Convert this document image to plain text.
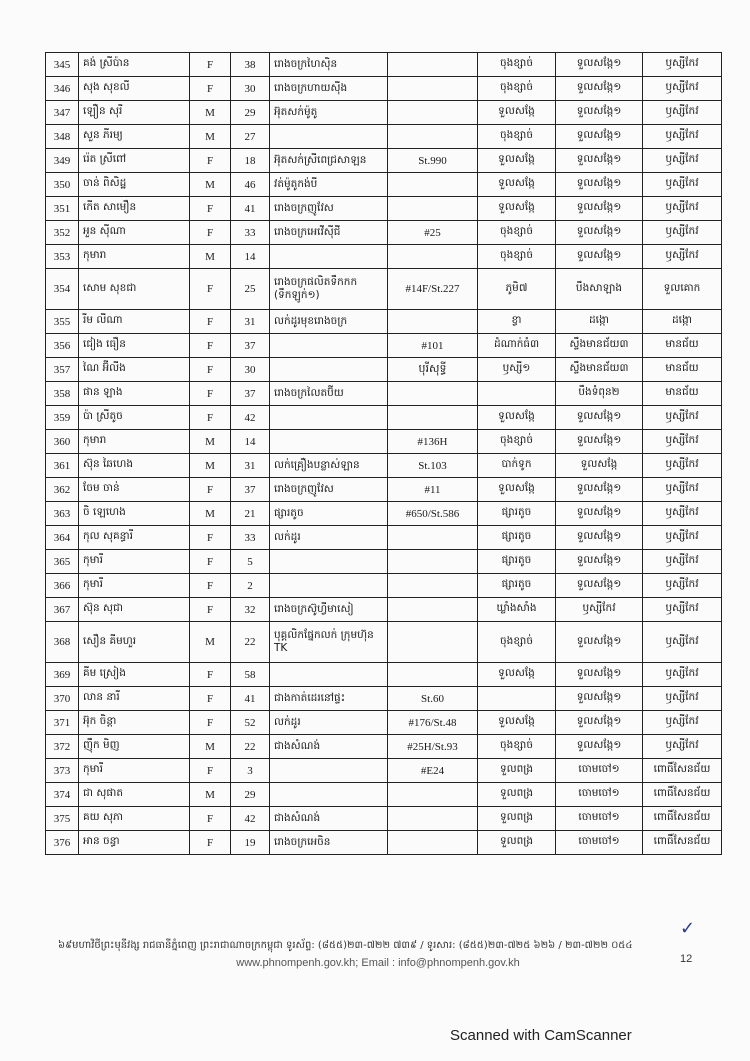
345	គង់ ស្រីប៉ាន	F	38	រោងចក្រហៃស៊ិន		ចុងខ្សាច់	ទួលសង្កែ១	ឫស្សីកែវ
346	សុង សុខលី	F	30	រោងចក្រហាយស៊ីង		ចុងខ្សាច់	ទួលសង្កែ១	ឫស្សីកែវ
347	ឡឿន សុរី	M	29	អ៊ុតសក់ម៉ូតូ		ទួលសង្កែ	ទួលសង្កែ១	ឫស្សីកែវ
348	សួន ភីរម្យ	M	27			ចុងខ្សាច់	ទួលសង្កែ១	ឫស្សីកែវ
349	រ៉េត ស្រីពៅ	F	18	អ៊ុតសក់ស្រីពេជ្រសាឡន	St.990	ទួលសង្កែ	ទួលសង្កែ១	ឫស្សីកែវ
350	ចាន់ ពិសិដ្ឋ	M	46	វត់ម៉ូតូកង់បី		ទួលសង្កែ	ទួលសង្កែ១	ឫស្សីកែវ
351	កើត សាមឿន	F	41	រោងចក្រញូវែស		ទួលសង្កែ	ទួលសង្កែ១	ឫស្សីកែវ
352	អួន ស៊ីណា	F	33	រោងចក្រអេវើស៊ីជី	#25	ចុងខ្សាច់	ទួលសង្កែ១	ឫស្សីកែវ
353	កុមារា	M	14			ចុងខ្សាច់	ទួលសង្កែ១	ឫស្សីកែវ
354	សោម សុខជា	F	25	រោងចក្រផលិតទឹកកក (ទឹកឡូក់១)	#14F/St.227	ភូមិ៧	បឹងសាឡាង	ទួលគោក
355	រីម លីណា	F	31	លក់ដូរមុខរោងចក្រ		ខ្វា	ដង្កោ	ដង្កោ
356	ជៀង ធឿន	F	37		#101	ដំណាក់ធំ៣	ស្ទឹងមានជ័យ៣	មានជ័យ
357	ណៃ អ៊ីលីង	F	30		បុរីសុទ្ធី	ឫស្សី១	ស្ទឹងមានជ័យ៣	មានជ័យ
358	ផាន ឡាង	F	37	រោងចក្រលៃតប៊ីយ			បឹងទំពុន២	មានជ័យ
359	ប៉ា ស្រីតូច	F	42			ទួលសង្កែ	ទួលសង្កែ១	ឫស្សីកែវ
360	កុមារា	M	14		#136H	ចុងខ្សាច់	ទួលសង្កែ១	ឫស្សីកែវ
361	ស៊ុន ឆៃហេង	M	31	លក់គ្រឿងបន្លាស់ឡាន	St.103	បាក់ទូក	ទួលសង្កែ	ឫស្សីកែវ
362	ចែម ចាន់	F	37	រោងចក្រញូវែស	#11	ទួលសង្កែ	ទួលសង្កែ១	ឫស្សីកែវ
363	ចិ ឡេហេង	M	21	ផ្សារតូច	#650/St.586	ផ្សារតូច	ទួលសង្កែ១	ឫស្សីកែវ
364	កុល សុគន្ធារី	F	33	លក់ដូរ		ផ្សារតូច	ទួលសង្កែ១	ឫស្សីកែវ
365	កុមារី	F	5			ផ្សារតូច	ទួលសង្កែ១	ឫស្សីកែវ
366	កុមារី	F	2			ផ្សារតូច	ទួលសង្កែ១	ឫស្សីកែវ
367	ស៊ុន សុជា	F	32	រោងចក្រស៊ូហ្វីមាសៀ		ឃ្លាំងសាំង	ឫស្សីកែវ	ឫស្សីកែវ
368	សឿន គីមហួរ	M	22	បុគ្គលិកផ្នែកលក់ ក្រុមហ៊ុន TK		ចុងខ្សាច់	ទួលសង្កែ១	ឫស្សីកែវ
369	គីម ស្រៀង	F	58			ទួលសង្កែ	ទួលសង្កែ១	ឫស្សីកែវ
370	លាន នារី	F	41	ជាងកាត់ដេរនៅផ្ទះ	St.60		ទួលសង្កែ១	ឫស្សីកែវ
371	អ៊ុក ចិន្ដា	F	52	លក់ដូរ	#176/St.48	ទួលសង្កែ	ទួលសង្កែ១	ឫស្សីកែវ
372	ញ៉ឹក មិញ	M	22	ជាងសំណង់	#25H/St.93	ចុងខ្សាច់	ទួលសង្កែ១	ឫស្សីកែវ
373	កុមារី	F	3		#E24	ទួលពង្រ	ចោមចៅ១	ពោធិ៍សែនជ័យ
374	ជា សុផាត	M	29			ទួលពង្រ	ចោមចៅ១	ពោធិ៍សែនជ័យ
375	គយ សុភា	F	42	ជាងសំណង់		ទួលពង្រ	ចោមចៅ១	ពោធិ៍សែនជ័យ
376	អាន ចន្ធា	F	19	រោងចក្រអេចិន		ទួលពង្រ	ចោមចៅ១	ពោធិ៍សែនជ័យ
✓
៦៩មហាវិថីព្រះមុនីវង្ស រាជធានីភ្នំពេញ ព្រះរាជាណាចក្រកម្ពុជា ទូរស័ព្ទ: (៨៥៥)២៣-៧២២ ៧៣៩ / ទូរសារ: (៨៥៥)២៣-៧២៥ ៦២៦ / ២៣-៧២២ ០៥៤
www.phnompenh.gov.kh; Email : info@phnompenh.gov.kh	12
Scanned with CamScanner
